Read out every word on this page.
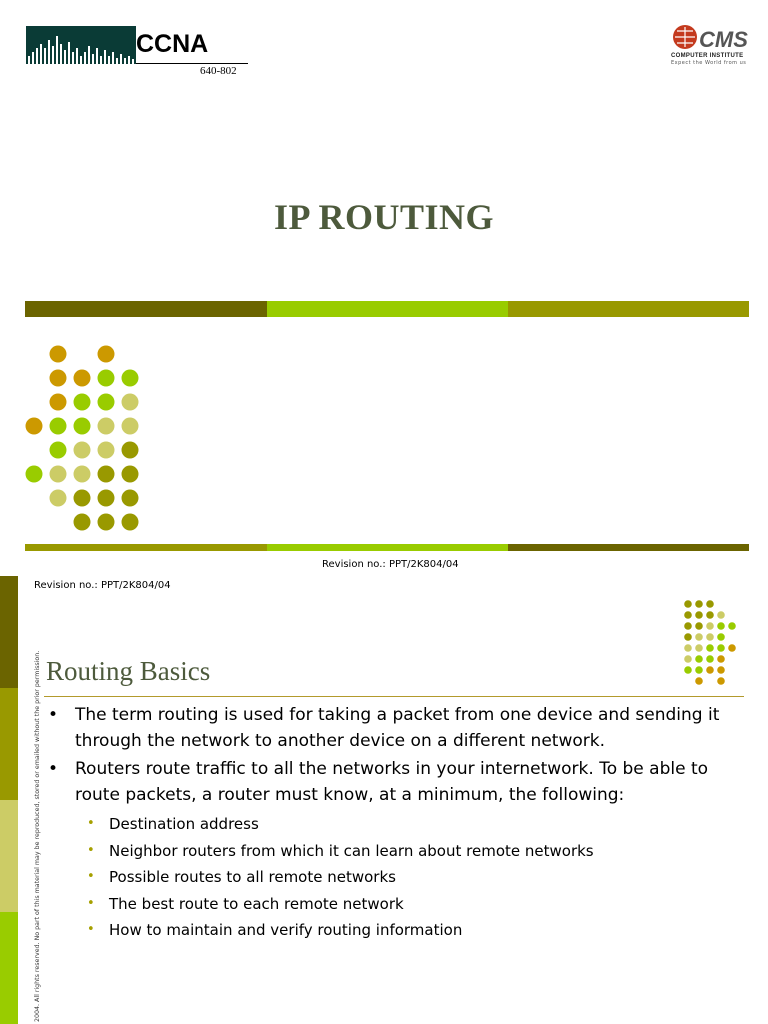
CCNA
640-802
CMS
COMPUTER INSTITUTE
Expect the World from us
IP ROUTING
Revision no.: PPT/2K804/04
2004. All rights reserved. No part of this material may be reproduced, stored or emailed without the prior permission.
Revision no.: PPT/2K804/04
Routing Basics
• The term routing is used for taking a packet from one device and sending it through the network to another device on a different network.
• Routers route traffic to all the networks in your internetwork. To be able to route packets, a router must know, at a minimum, the following:
• Destination address
• Neighbor routers from which it can learn about remote networks
• Possible routes to all remote networks
• The best route to each remote network
• How to maintain and verify routing information
